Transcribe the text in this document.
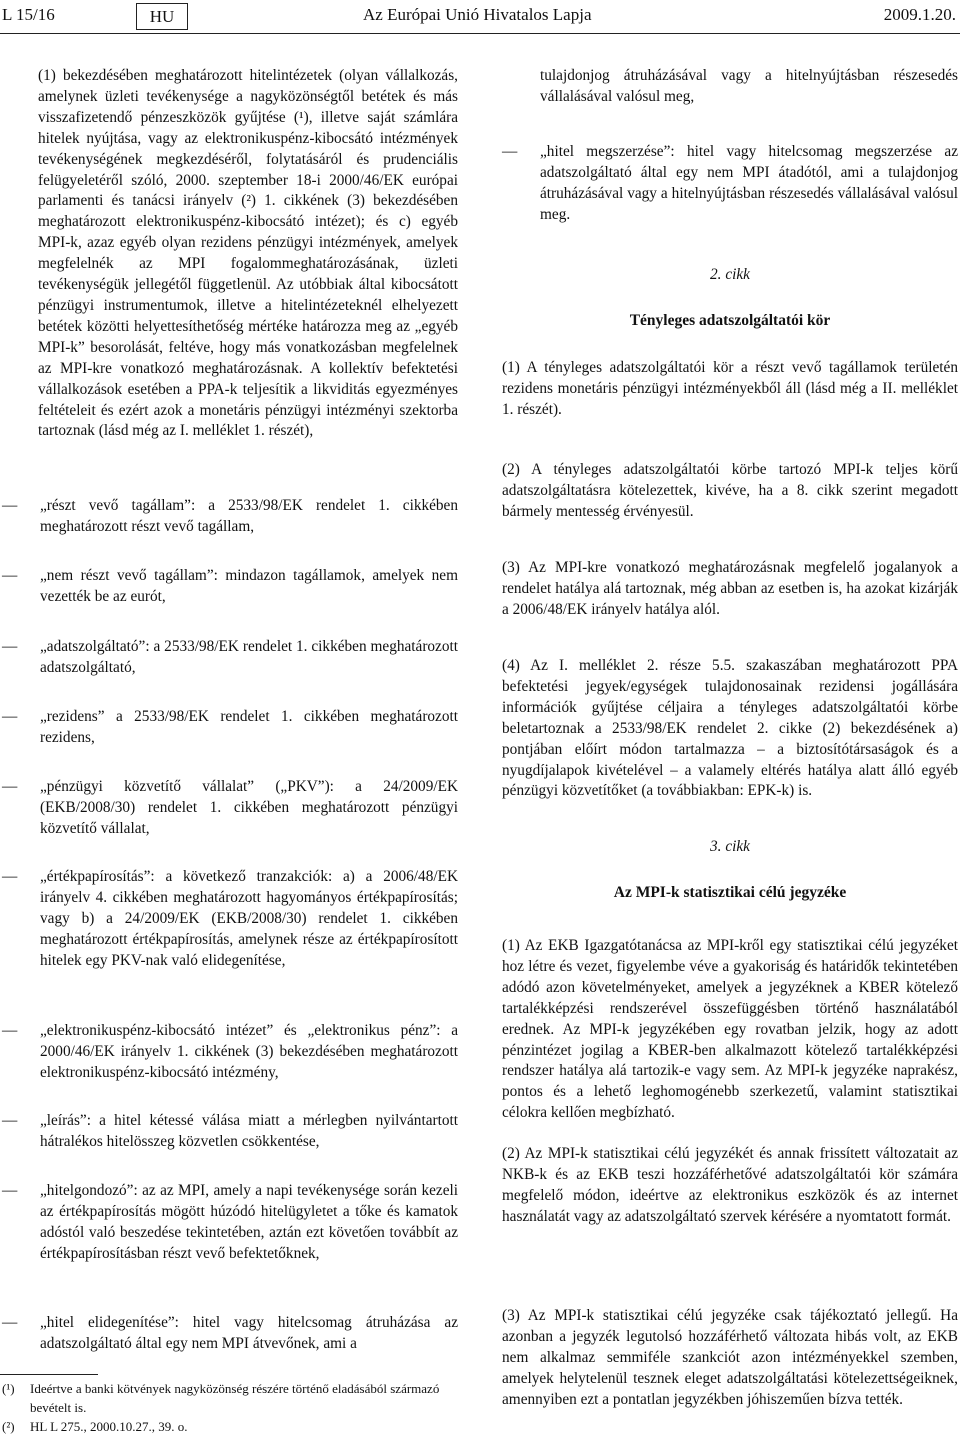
L 15/16	HU	Az Európai Unió Hivatalos Lapja	2009.1.20.
(1) bekezdésében meghatározott hitelintézetek (olyan vállalkozás, amelynek üzleti tevékenysége a nagyközönségtől betétek és más visszafizetendő pénzeszközök gyűjtése (¹), illetve saját számlára hitelek nyújtása, vagy az elektronikuspénz-kibocsátó intézmények tevékenységének megkezdéséről, folytatásáról és prudenciális felügyeletéről szóló, 2000. szeptember 18-i 2000/46/EK európai parlamenti és tanácsi irányelv (²) 1. cikkének (3) bekezdésében meghatározott elektronikuspénz-kibocsátó intézet); és c) egyéb MPI-k, azaz egyéb olyan rezidens pénzügyi intézmények, amelyek megfelelnék az MPI fogalommeghatározásának, üzleti tevékenységük jellegétől függetlenül. Az utóbbiak által kibocsátott pénzügyi instrumentumok, illetve a hitelintézeteknél elhelyezett betétek közötti helyettesíthetőség mértéke határozza meg az „egyéb MPI-k” besorolását, feltéve, hogy más vonatkozásban megfelelnek az MPI-kre vonatkozó meghatározásnak. A kollektív befektetési vállalkozások esetében a PPA-k teljesítik a likviditás egyezményes feltételeit és ezért azok a monetáris pénzügyi intézményi szektorba tartoznak (lásd még az I. melléklet 1. részét),
— „részt vevő tagállam”: a 2533/98/EK rendelet 1. cikkében meghatározott részt vevő tagállam,
— „nem részt vevő tagállam”: mindazon tagállamok, amelyek nem vezették be az eurót,
— „adatszolgáltató”: a 2533/98/EK rendelet 1. cikkében meghatározott adatszolgáltató,
— „rezidens” a 2533/98/EK rendelet 1. cikkében meghatározott rezidens,
— „pénzügyi közvetítő vállalat” („PKV”): a 24/2009/EK (EKB/2008/30) rendelet 1. cikkében meghatározott pénzügyi közvetítő vállalat,
— „értékpapírosítás”: a következő tranzakciók: a) a 2006/48/EK irányelv 4. cikkében meghatározott hagyományos értékpapírosítás; vagy b) a 24/2009/EK (EKB/2008/30) rendelet 1. cikkében meghatározott értékpapírosítás, amelynek része az értékpapírosított hitelek egy PKV-nak való elidegenítése,
— „elektronikuspénz-kibocsátó intézet” és „elektronikus pénz”: a 2000/46/EK irányelv 1. cikkének (3) bekezdésében meghatározott elektronikuspénz-kibocsátó intézmény,
— „leírás”: a hitel kétessé válása miatt a mérlegben nyilvántartott hátralékos hitelösszeg közvetlen csökkentése,
— „hitelgondozó”: az az MPI, amely a napi tevékenysége során kezeli az értékpapírosítás mögött húzódó hitelügyletet a tőke és kamatok adóstól való beszedése tekintetében, aztán ezt követően továbbít az értékpapírosításban részt vevő befektetőknek,
— „hitel elidegenítése”: hitel vagy hitelcsomag átruházása az adatszolgáltató által egy nem MPI átvevőnek, ami a
(¹) Ideértve a banki kötvények nagyközönség részére történő eladásából származó bevételt is.
(²) HL L 275., 2000.10.27., 39. o.
tulajdonjog átruházásával vagy a hitelnyújtásban részesedés vállalásával valósul meg,
— „hitel megszerzése”: hitel vagy hitelcsomag megszerzése az adatszolgáltató által egy nem MPI átadótól, ami a tulajdonjog átruházásával vagy a hitelnyújtásban részesedés vállalásával valósul meg.
2. cikk
Tényleges adatszolgáltatói kör
(1) A tényleges adatszolgáltatói kör a részt vevő tagállamok területén rezidens monetáris pénzügyi intézményekből áll (lásd még a II. melléklet 1. részét).
(2) A tényleges adatszolgáltatói körbe tartozó MPI-k teljes körű adatszolgáltatásra kötelezettek, kivéve, ha a 8. cikk szerint megadott bármely mentesség érvényesül.
(3) Az MPI-kre vonatkozó meghatározásnak megfelelő jogalanyok a rendelet hatálya alá tartoznak, még abban az esetben is, ha azokat kizárják a 2006/48/EK irányelv hatálya alól.
(4) Az I. melléklet 2. része 5.5. szakaszában meghatározott PPA befektetési jegyek/egységek tulajdonosainak rezidensi jogállására információk gyűjtése céljaira a tényleges adatszolgáltatói körbe beletartoznak a 2533/98/EK rendelet 2. cikke (2) bekezdésének a) pontjában előírt módon tartalmazza – a biztosítótársaságok és a nyugdíjalapok kivételével – a valamely eltérés hatálya alatt álló egyéb pénzügyi közvetítőket (a továbbiakban: EPK-k) is.
3. cikk
Az MPI-k statisztikai célú jegyzéke
(1) Az EKB Igazgatótanácsa az MPI-kről egy statisztikai célú jegyzéket hoz létre és vezet, figyelembe véve a gyakoriság és határidők tekintetében adódó azon követelményeket, amelyek a jegyzéknek a KBER kötelező tartalékképzési rendszerével összefüggésben történő használatából erednek. Az MPI-k jegyzékében egy rovatban jelzik, hogy az adott pénzintézet jogilag a KBER-ben alkalmazott kötelező tartalékképzési rendszer hatálya alá tartozik-e vagy sem. Az MPI-k jegyzéke naprakész, pontos és a lehető leghomogénebb szerkezetű, valamint statisztikai célokra kellően megbízható.
(2) Az MPI-k statisztikai célú jegyzékét és annak frissített változatait az NKB-k és az EKB teszi hozzáférhetővé adatszolgáltatói kör számára megfelelő módon, ideértve az elektronikus eszközök és az internet használatát vagy az adatszolgáltató szervek kérésére a nyomtatott formát.
(3) Az MPI-k statisztikai célú jegyzéke csak tájékoztató jellegű. Ha azonban a jegyzék legutolsó hozzáférhető változata hibás volt, az EKB nem alkalmaz semmiféle szankciót azon intézményekkel szemben, amelyek helytelenül tesznek eleget adatszolgáltatási kötelezettségeiknek, amennyiben ezt a pontatlan jegyzékben jóhiszeműen bízva tették.
